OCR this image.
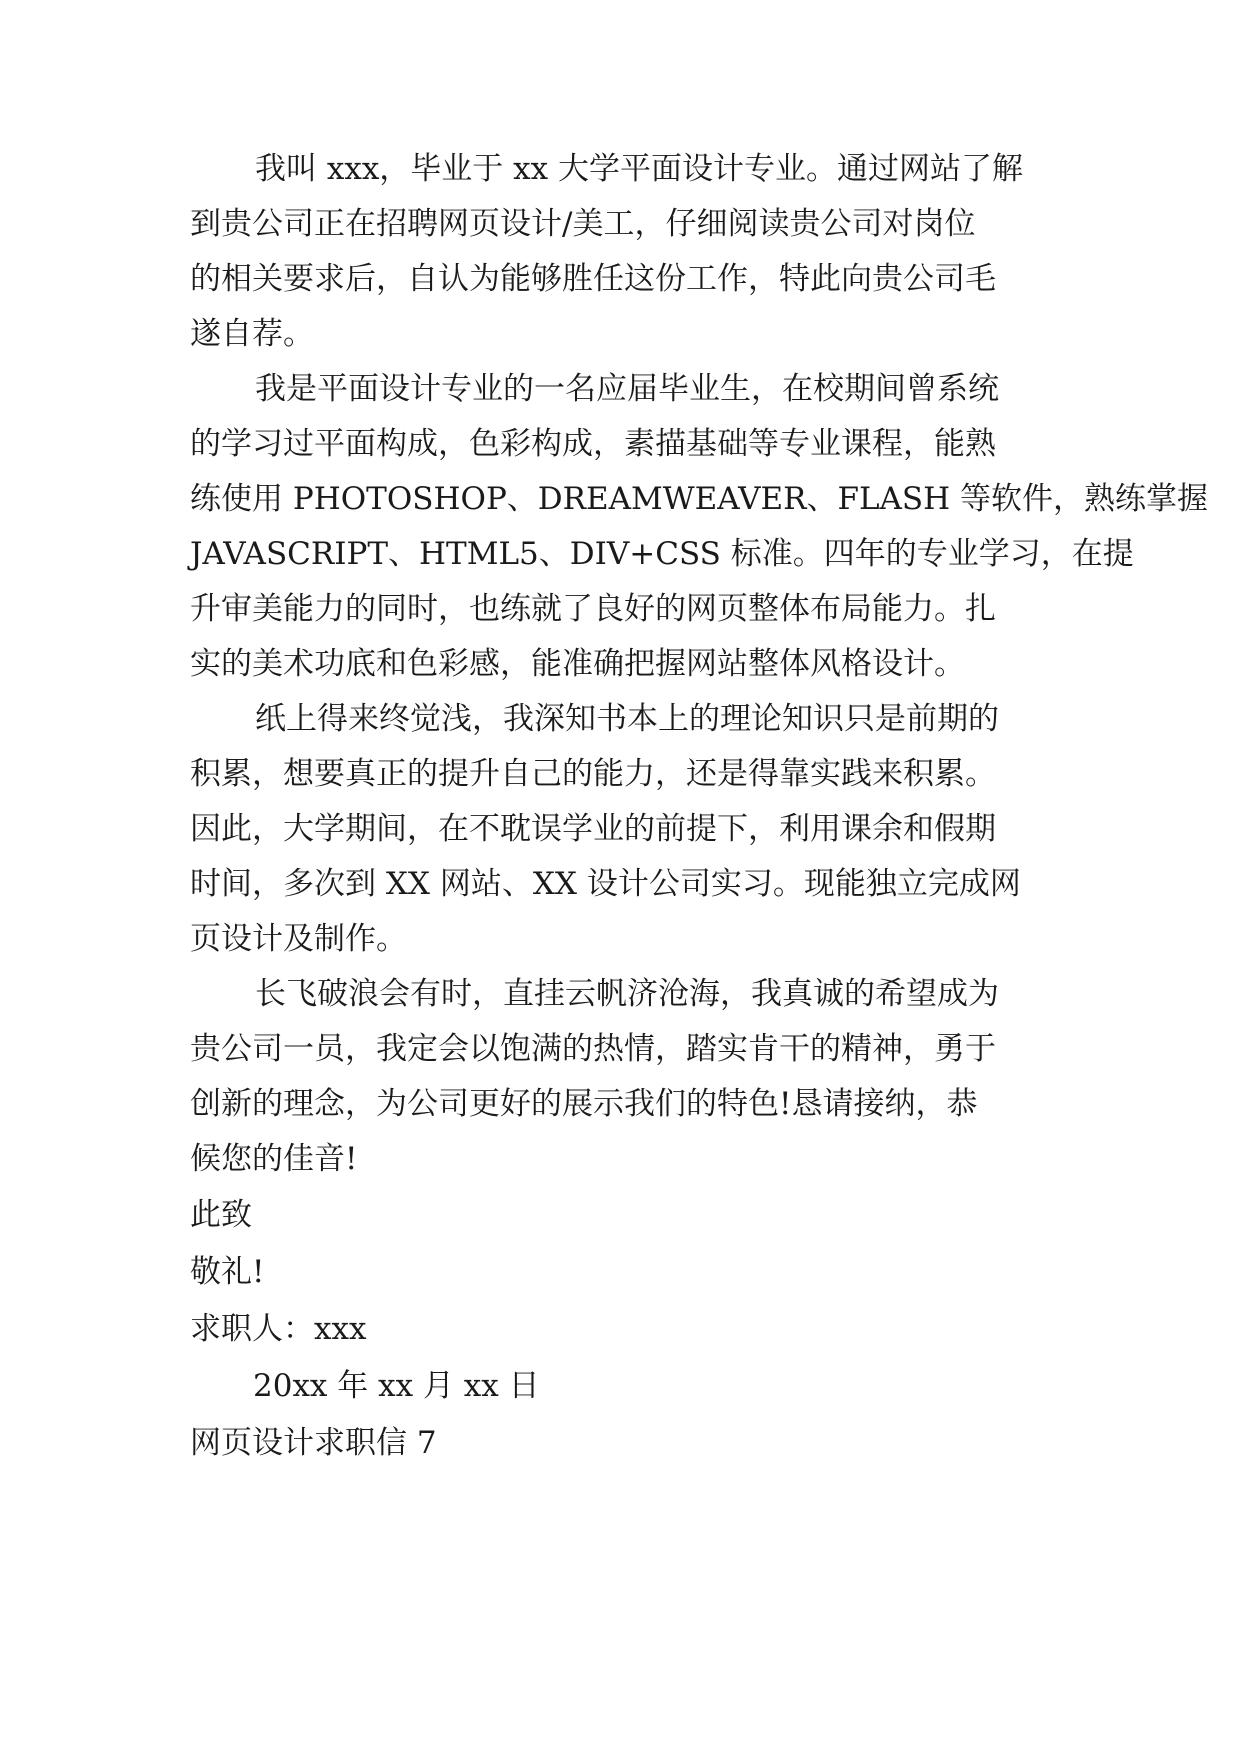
我叫 xxx，毕业于 xx 大学平面设计专业。通过网站了解
到贵公司正在招聘网页设计/美工，仔细阅读贵公司对岗位
的相关要求后，自认为能够胜任这份工作，特此向贵公司毛
遂自荐。
我是平面设计专业的一名应届毕业生，在校期间曾系统
的学习过平面构成，色彩构成，素描基础等专业课程，能熟
练使用 PHOTOSHOP、DREAMWEAVER、FLASH 等软件，熟练掌握
JAVASCRIPT、HTML5、DIV+CSS 标准。四年的专业学习，在提
升审美能力的同时，也练就了良好的网页整体布局能力。扎
实的美术功底和色彩感，能准确把握网站整体风格设计。
纸上得来终觉浅，我深知书本上的理论知识只是前期的
积累，想要真正的提升自己的能力，还是得靠实践来积累。
因此，大学期间，在不耽误学业的前提下，利用课余和假期
时间，多次到 XX 网站、XX 设计公司实习。现能独立完成网
页设计及制作。
长飞破浪会有时，直挂云帆济沧海，我真诚的希望成为
贵公司一员，我定会以饱满的热情，踏实肯干的精神，勇于
创新的理念，为公司更好的展示我们的特色!恳请接纳，恭
候您的佳音!
此致
敬礼!
求职人：xxx
20xx 年 xx 月 xx 日
网页设计求职信 7
